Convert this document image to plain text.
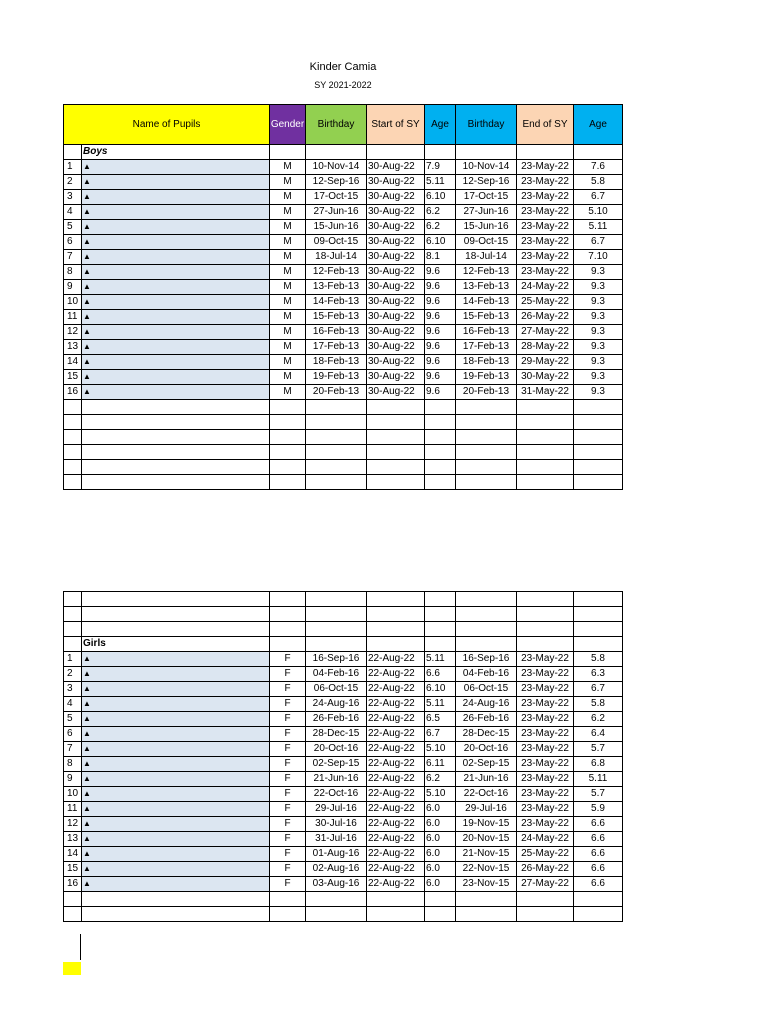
Kinder Camia
SY 2021-2022
Name of Pupils		Gender	Birthday	Start of SY	Age	Birthday	End of SY	Age
	Boys							
1	▲	M	10-Nov-14	30-Aug-22	7.9	10-Nov-14	23-May-22	7.6
2	▲	M	12-Sep-16	30-Aug-22	5.11	12-Sep-16	23-May-22	5.8
3	▲	M	17-Oct-15	30-Aug-22	6.10	17-Oct-15	23-May-22	6.7
4	▲	M	27-Jun-16	30-Aug-22	6.2	27-Jun-16	23-May-22	5.10
5	▲	M	15-Jun-16	30-Aug-22	6.2	15-Jun-16	23-May-22	5.11
6	▲	M	09-Oct-15	30-Aug-22	6.10	09-Oct-15	23-May-22	6.7
7	▲	M	18-Jul-14	30-Aug-22	8.1	18-Jul-14	23-May-22	7.10
8	▲	M	12-Feb-13	30-Aug-22	9.6	12-Feb-13	23-May-22	9.3
9	▲	M	13-Feb-13	30-Aug-22	9.6	13-Feb-13	24-May-22	9.3
10	▲	M	14-Feb-13	30-Aug-22	9.6	14-Feb-13	25-May-22	9.3
11	▲	M	15-Feb-13	30-Aug-22	9.6	15-Feb-13	26-May-22	9.3
12	▲	M	16-Feb-13	30-Aug-22	9.6	16-Feb-13	27-May-22	9.3
13	▲	M	17-Feb-13	30-Aug-22	9.6	17-Feb-13	28-May-22	9.3
14	▲	M	18-Feb-13	30-Aug-22	9.6	18-Feb-13	29-May-22	9.3
15	▲	M	19-Feb-13	30-Aug-22	9.6	19-Feb-13	30-May-22	9.3
16	▲	M	20-Feb-13	30-Aug-22	9.6	20-Feb-13	31-May-22	9.3

	Girls							
1	▲	F	16-Sep-16	22-Aug-22	5.11	16-Sep-16	23-May-22	5.8
2	▲	F	04-Feb-16	22-Aug-22	6.6	04-Feb-16	23-May-22	6.3
3	▲	F	06-Oct-15	22-Aug-22	6.10	06-Oct-15	23-May-22	6.7
4	▲	F	24-Aug-16	22-Aug-22	5.11	24-Aug-16	23-May-22	5.8
5	▲	F	26-Feb-16	22-Aug-22	6.5	26-Feb-16	23-May-22	6.2
6	▲	F	28-Dec-15	22-Aug-22	6.7	28-Dec-15	23-May-22	6.4
7	▲	F	20-Oct-16	22-Aug-22	5.10	20-Oct-16	23-May-22	5.7
8	▲	F	02-Sep-15	22-Aug-22	6.11	02-Sep-15	23-May-22	6.8
9	▲	F	21-Jun-16	22-Aug-22	6.2	21-Jun-16	23-May-22	5.11
10	▲	F	22-Oct-16	22-Aug-22	5.10	22-Oct-16	23-May-22	5.7
11	▲	F	29-Jul-16	22-Aug-22	6.0	29-Jul-16	23-May-22	5.9
12	▲	F	30-Jul-16	22-Aug-22	6.0	19-Nov-15	23-May-22	6.6
13	▲	F	31-Jul-16	22-Aug-22	6.0	20-Nov-15	24-May-22	6.6
14	▲	F	01-Aug-16	22-Aug-22	6.0	21-Nov-15	25-May-22	6.6
15	▲	F	02-Aug-16	22-Aug-22	6.0	22-Nov-15	26-May-22	6.6
16	▲	F	03-Aug-16	22-Aug-22	6.0	23-Nov-15	27-May-22	6.6
